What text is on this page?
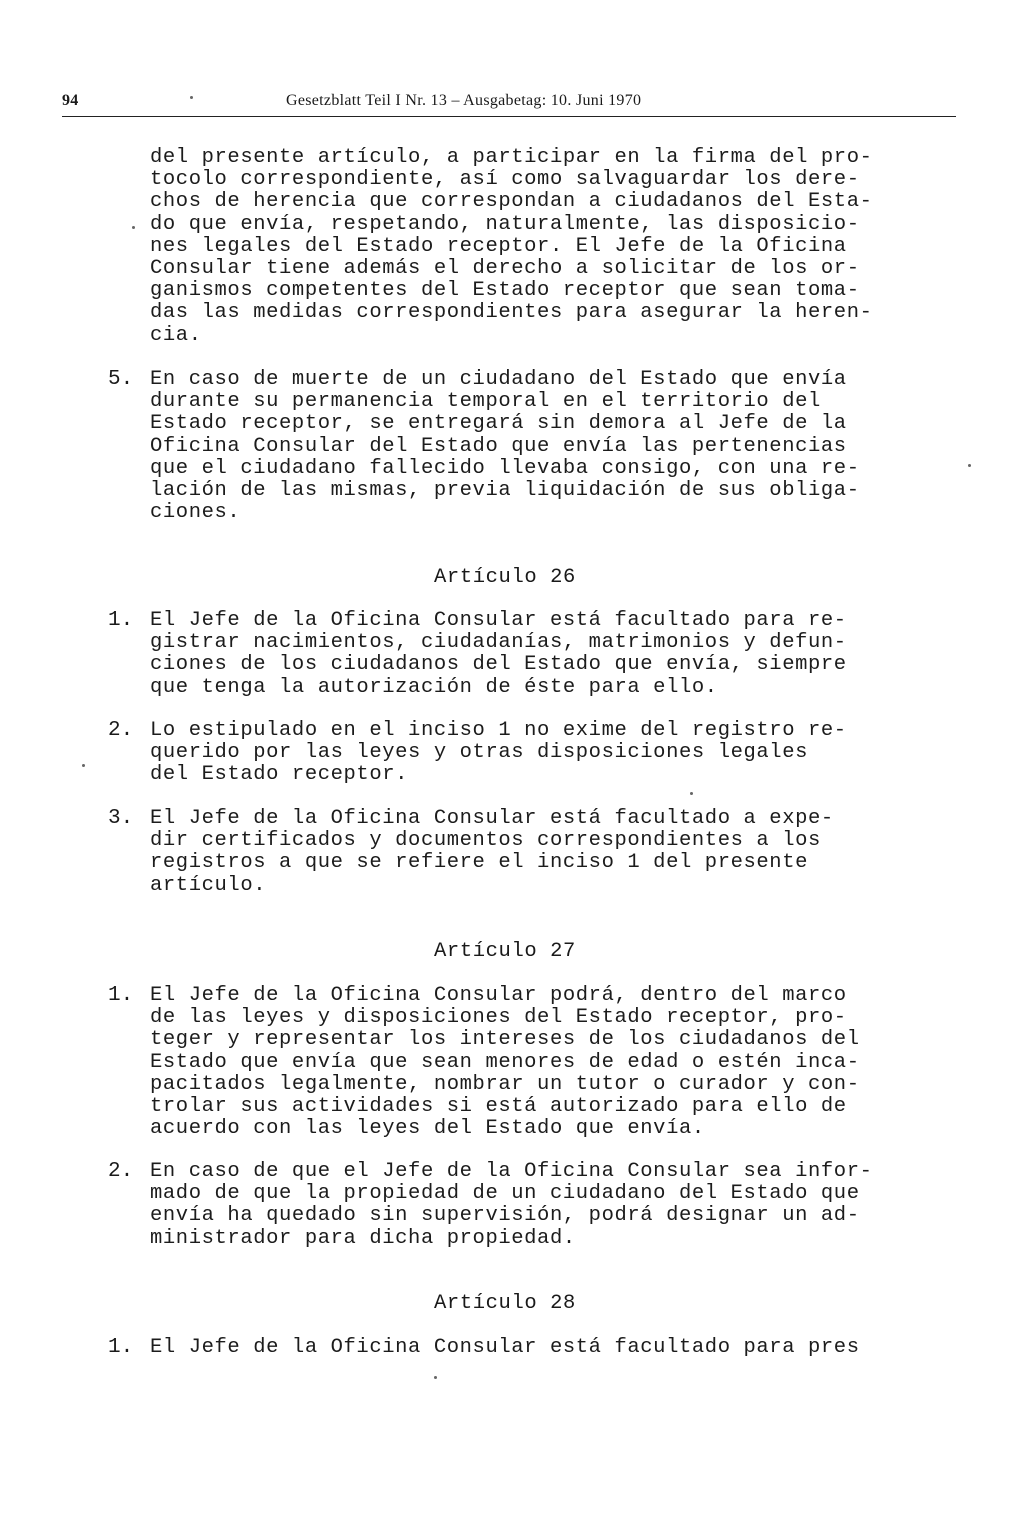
94	Gesetzblatt Teil I Nr. 13 – Ausgabetag: 10. Juni 1970
del presente artículo, a participar en la firma del pro-
tocolo correspondiente, así como salvaguardar los dere-
chos de herencia que correspondan a ciudadanos del Esta-
do que envía, respetando, naturalmente, las disposicio-
nes legales del Estado receptor. El Jefe de la Oficina
Consular tiene además el derecho a solicitar de los or-
ganismos competentes del Estado receptor que sean toma-
das las medidas correspondientes para asegurar la heren-
cia.
5. En caso de muerte de un ciudadano del Estado que envía
durante su permanencia temporal en el territorio del
Estado receptor, se entregará sin demora al Jefe de la
Oficina Consular del Estado que envía las pertenencias
que el ciudadano fallecido llevaba consigo, con una re-
lación de las mismas, previa liquidación de sus obliga-
ciones.
Artículo 26
1. El Jefe de la Oficina Consular está facultado para re-
gistrar nacimientos, ciudadanías, matrimonios y defun-
ciones de los ciudadanos del Estado que envía, siempre
que tenga la autorización de éste para ello.
2. Lo estipulado en el inciso 1 no exime del registro re-
querido por las leyes y otras disposiciones legales
del Estado receptor.
3. El Jefe de la Oficina Consular está facultado a expe-
dir certificados y documentos correspondientes a los
registros a que se refiere el inciso 1 del presente
artículo.
Artículo 27
1. El Jefe de la Oficina Consular podrá, dentro del marco
de las leyes y disposiciones del Estado receptor, pro-
teger y representar los intereses de los ciudadanos del
Estado que envía que sean menores de edad o estén inca-
pacitados legalmente, nombrar un tutor o curador y con-
trolar sus actividades si está autorizado para ello de
acuerdo con las leyes del Estado que envía.
2. En caso de que el Jefe de la Oficina Consular sea infor-
mado de que la propiedad de un ciudadano del Estado que
envía ha quedado sin supervisión, podrá designar un ad-
ministrador para dicha propiedad.
Artículo 28
1. El Jefe de la Oficina Consular está facultado para pres
